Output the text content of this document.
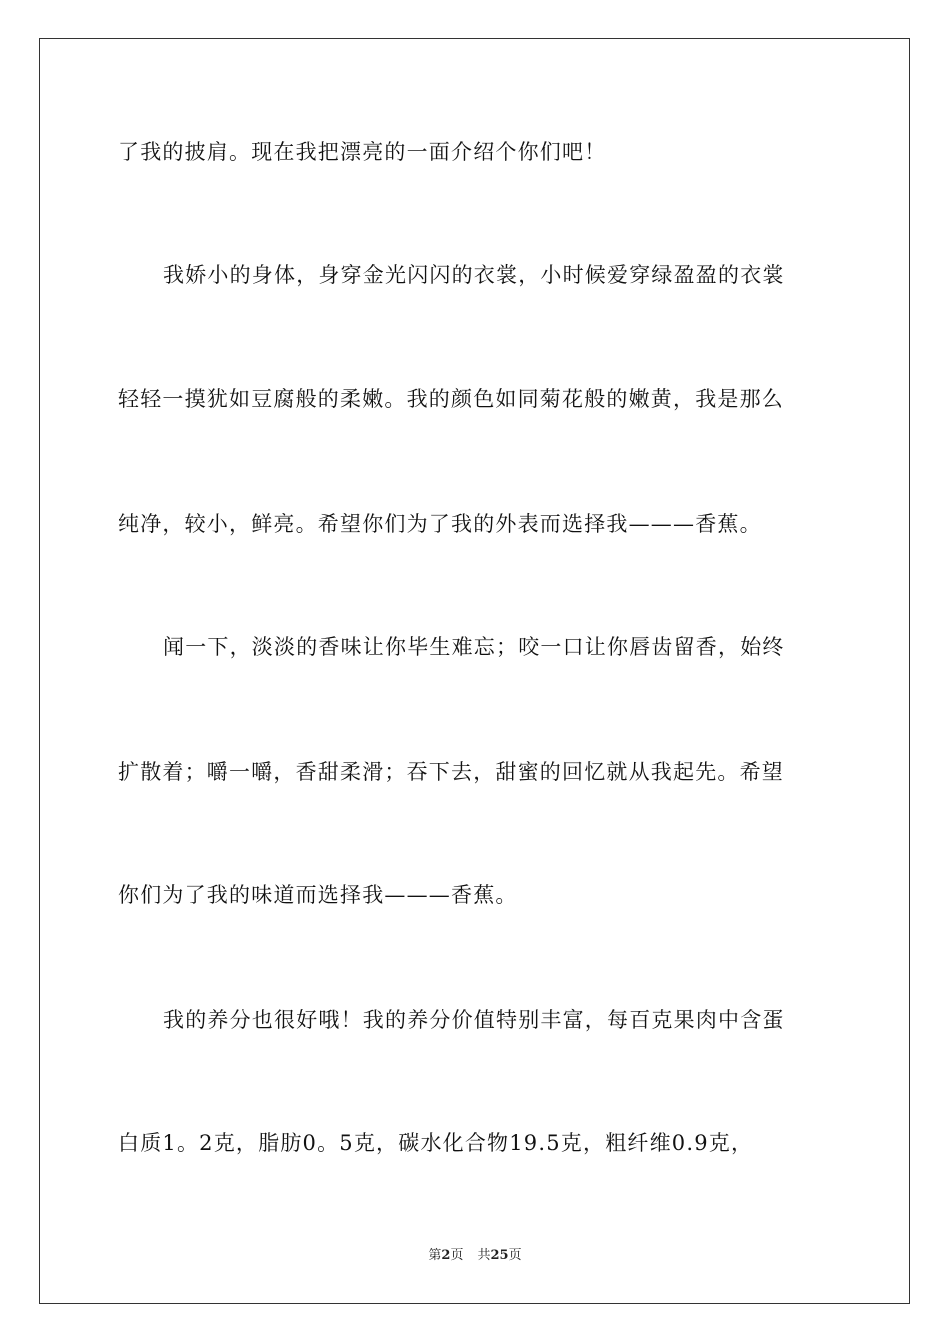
了我的披肩。现在我把漂亮的一面介绍个你们吧！
我娇小的身体，身穿金光闪闪的衣裳，小时候爱穿绿盈盈的衣裳
轻轻一摸犹如豆腐般的柔嫩。我的颜色如同菊花般的嫩黄，我是那么
纯净，较小，鲜亮。希望你们为了我的外表而选择我———香蕉。
闻一下，淡淡的香味让你毕生难忘；咬一口让你唇齿留香，始终
扩散着；嚼一嚼，香甜柔滑；吞下去，甜蜜的回忆就从我起先。希望
你们为了我的味道而选择我———香蕉。
我的养分也很好哦！我的养分价值特别丰富，每百克果肉中含蛋
白质1。2克，脂肪0。5克，碳水化合物19.5克，粗纤维0.9克，
第2页 共25页
